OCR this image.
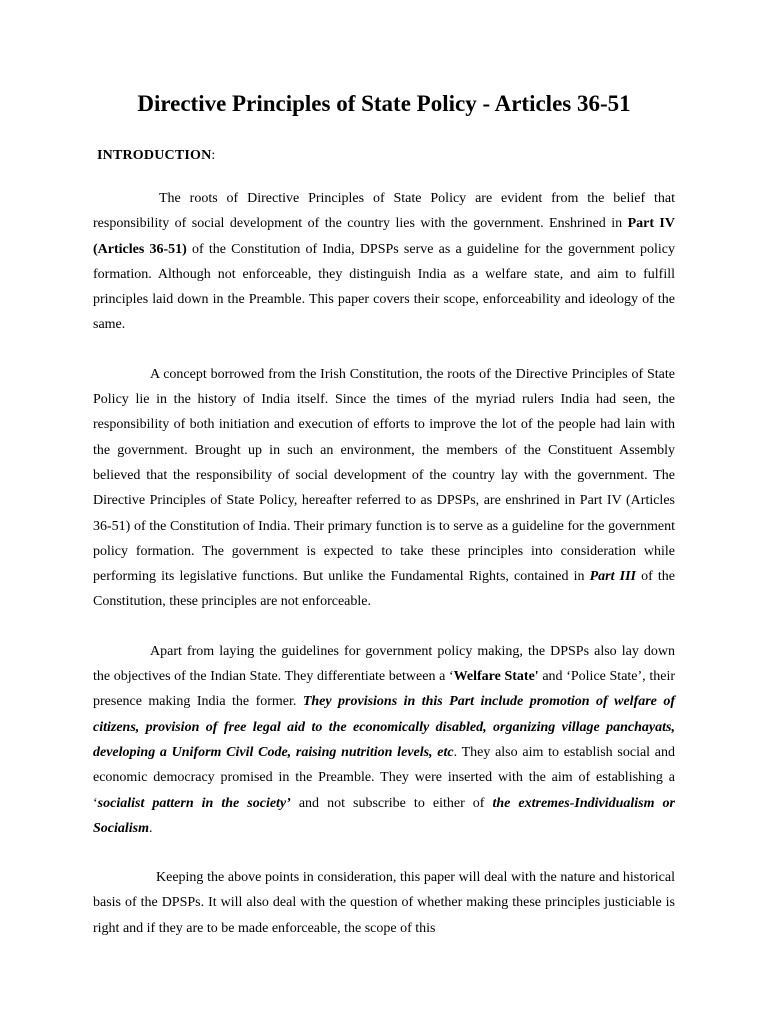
Directive Principles of State Policy - Articles 36-51

INTRODUCTION:

The roots of Directive Principles of State Policy are evident from the belief that responsibility of social development of the country lies with the government. Enshrined in Part IV (Articles 36-51) of the Constitution of India, DPSPs serve as a guideline for the government policy formation. Although not enforceable, they distinguish India as a welfare state, and aim to fulfill principles laid down in the Preamble. This paper covers their scope, enforceability and ideology of the same.

A concept borrowed from the Irish Constitution, the roots of the Directive Principles of State Policy lie in the history of India itself. Since the times of the myriad rulers India had seen, the responsibility of both initiation and execution of efforts to improve the lot of the people had lain with the government. Brought up in such an environment, the members of the Constituent Assembly believed that the responsibility of social development of the country lay with the government. The Directive Principles of State Policy, hereafter referred to as DPSPs, are enshrined in Part IV (Articles 36-51) of the Constitution of India. Their primary function is to serve as a guideline for the government policy formation. The government is expected to take these principles into consideration while performing its legislative functions. But unlike the Fundamental Rights, contained in Part III of the Constitution, these principles are not enforceable.

Apart from laying the guidelines for government policy making, the DPSPs also lay down the objectives of the Indian State. They differentiate between a ‘Welfare State' and ‘Police State’, their presence making India the former. They provisions in this Part include promotion of welfare of citizens, provision of free legal aid to the economically disabled, organizing village panchayats, developing a Uniform Civil Code, raising nutrition levels, etc. They also aim to establish social and economic democracy promised in the Preamble. They were inserted with the aim of establishing a ‘socialist pattern in the society’ and not subscribe to either of the extremes-Individualism or Socialism.

Keeping the above points in consideration, this paper will deal with the nature and historical basis of the DPSPs. It will also deal with the question of whether making these principles justiciable is right and if they are to be made enforceable, the scope of this
